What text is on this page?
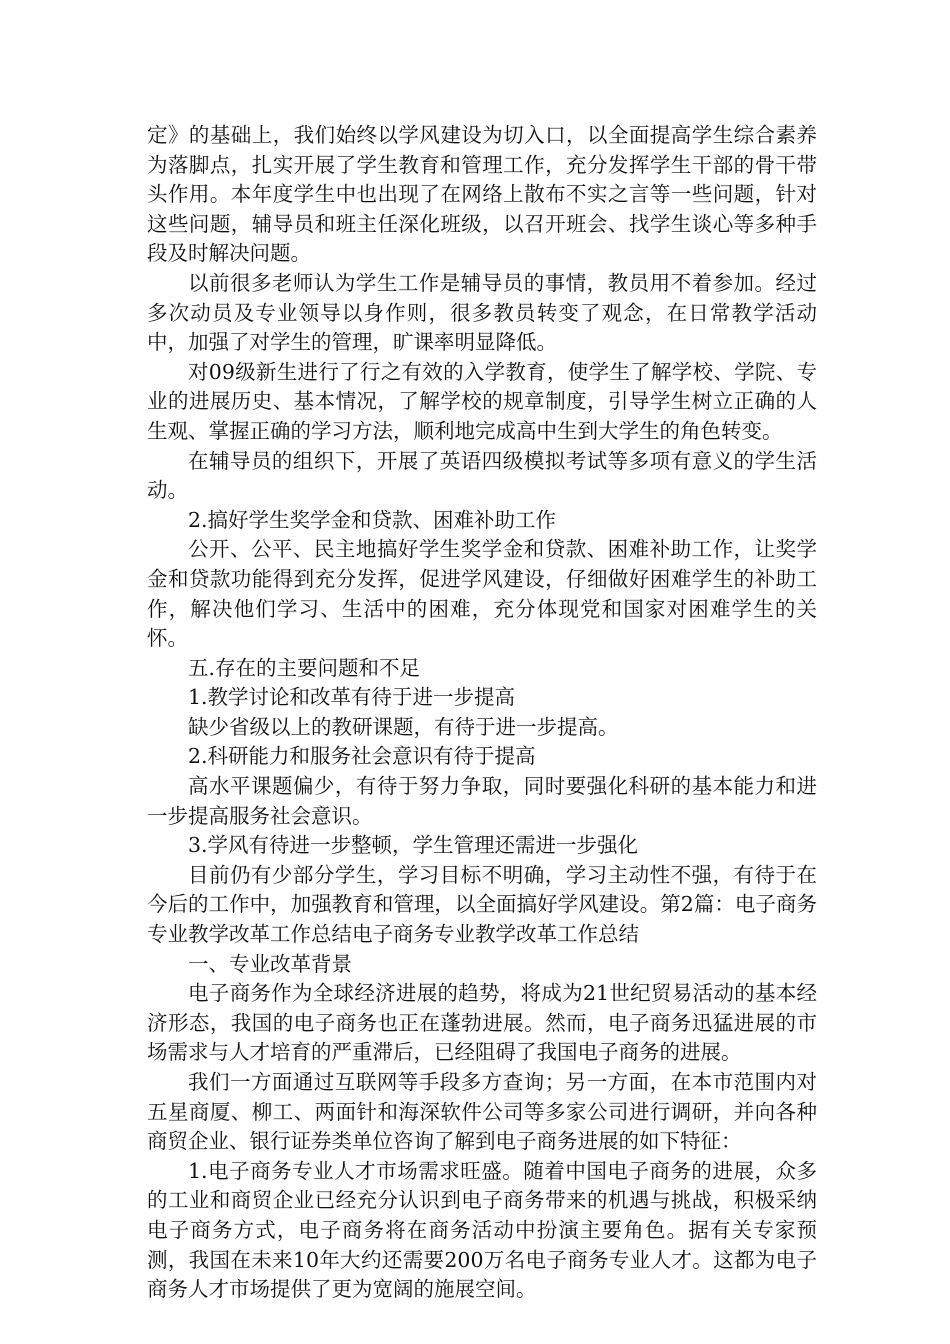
定》的基础上，我们始终以学风建设为切入口，以全面提高学生综合素养为落脚点，扎实开展了学生教育和管理工作，充分发挥学生干部的骨干带头作用。本年度学生中也出现了在网络上散布不实之言等一些问题，针对这些问题，辅导员和班主任深化班级，以召开班会、找学生谈心等多种手段及时解决问题。

以前很多老师认为学生工作是辅导员的事情，教员用不着参加。经过多次动员及专业领导以身作则，很多教员转变了观念，在日常教学活动中，加强了对学生的管理，旷课率明显降低。

对09级新生进行了行之有效的入学教育，使学生了解学校、学院、专业的进展历史、基本情况，了解学校的规章制度，引导学生树立正确的人生观、掌握正确的学习方法，顺利地完成高中生到大学生的角色转变。

在辅导员的组织下，开展了英语四级模拟考试等多项有意义的学生活动。

2.搞好学生奖学金和贷款、困难补助工作

公开、公平、民主地搞好学生奖学金和贷款、困难补助工作，让奖学金和贷款功能得到充分发挥，促进学风建设，仔细做好困难学生的补助工作，解决他们学习、生活中的困难，充分体现党和国家对困难学生的关怀。

五.存在的主要问题和不足

1.教学讨论和改革有待于进一步提高

缺少省级以上的教研课题，有待于进一步提高。

2.科研能力和服务社会意识有待于提高

高水平课题偏少，有待于努力争取，同时要强化科研的基本能力和进一步提高服务社会意识。

3.学风有待进一步整顿，学生管理还需进一步强化

目前仍有少部分学生，学习目标不明确，学习主动性不强，有待于在今后的工作中，加强教育和管理，以全面搞好学风建设。第2篇：电子商务专业教学改革工作总结电子商务专业教学改革工作总结

一、专业改革背景

电子商务作为全球经济进展的趋势，将成为21世纪贸易活动的基本经济形态，我国的电子商务也正在蓬勃进展。然而，电子商务迅猛进展的市场需求与人才培育的严重滞后，已经阻碍了我国电子商务的进展。

我们一方面通过互联网等手段多方查询；另一方面，在本市范围内对五星商厦、柳工、两面针和海深软件公司等多家公司进行调研，并向各种商贸企业、银行证券类单位咨询了解到电子商务进展的如下特征：

1.电子商务专业人才市场需求旺盛。随着中国电子商务的进展，众多的工业和商贸企业已经充分认识到电子商务带来的机遇与挑战，积极采纳电子商务方式，电子商务将在商务活动中扮演主要角色。据有关专家预测，我国在未来10年大约还需要200万名电子商务专业人才。这都为电子商务人才市场提供了更为宽阔的施展空间。
